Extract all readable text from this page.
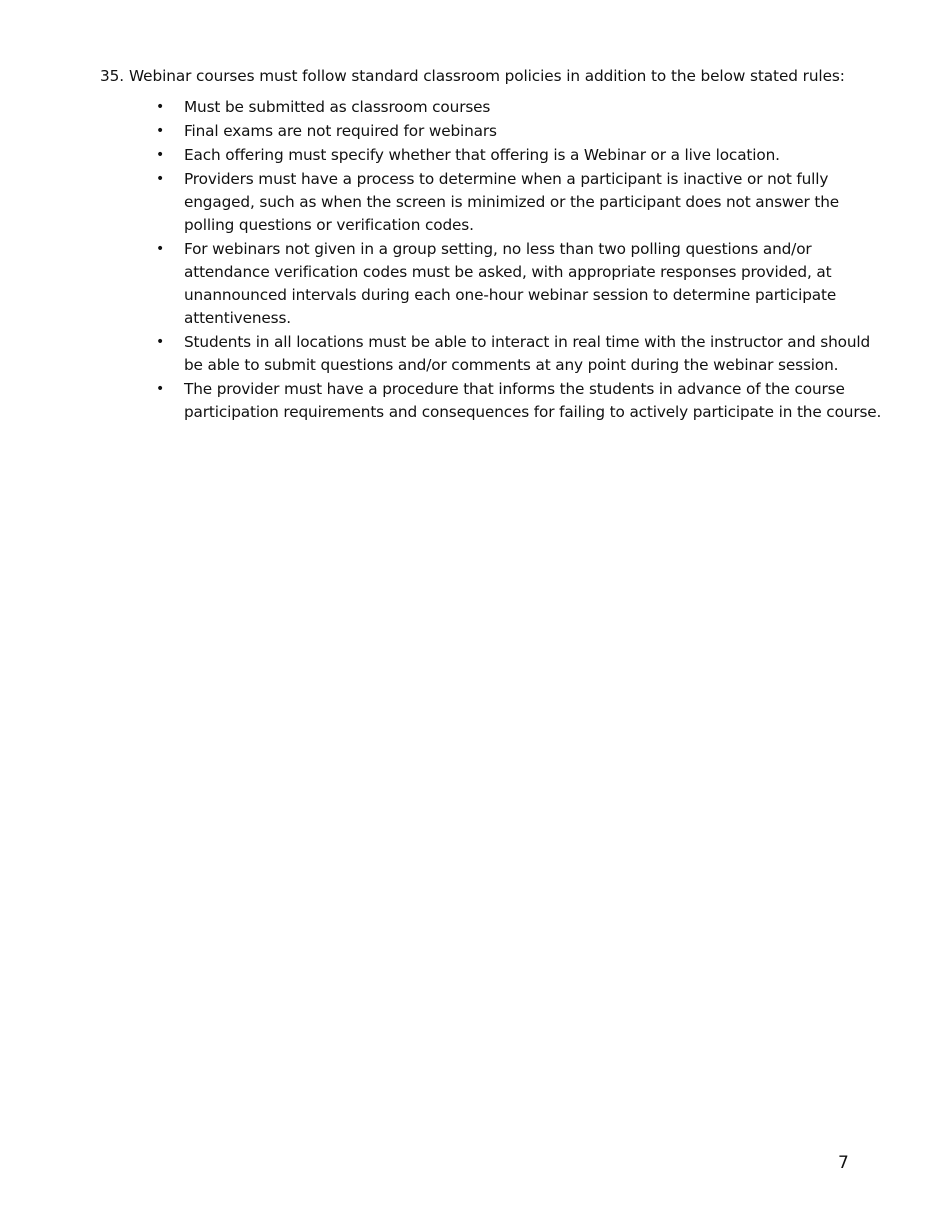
35. Webinar courses must follow standard classroom policies in addition to the below stated rules:
• Must be submitted as classroom courses
• Final exams are not required for webinars
• Each offering must specify whether that offering is a Webinar or a live location.
• Providers must have a process to determine when a participant is inactive or not fully engaged, such as when the screen is minimized or the participant does not answer the polling questions or verification codes.
• For webinars not given in a group setting, no less than two polling questions and/or attendance verification codes must be asked, with appropriate responses provided, at unannounced intervals during each one-hour webinar session to determine participate attentiveness.
• Students in all locations must be able to interact in real time with the instructor and should be able to submit questions and/or comments at any point during the webinar session.
• The provider must have a procedure that informs the students in advance of the course participation requirements and consequences for failing to actively participate in the course.
7
